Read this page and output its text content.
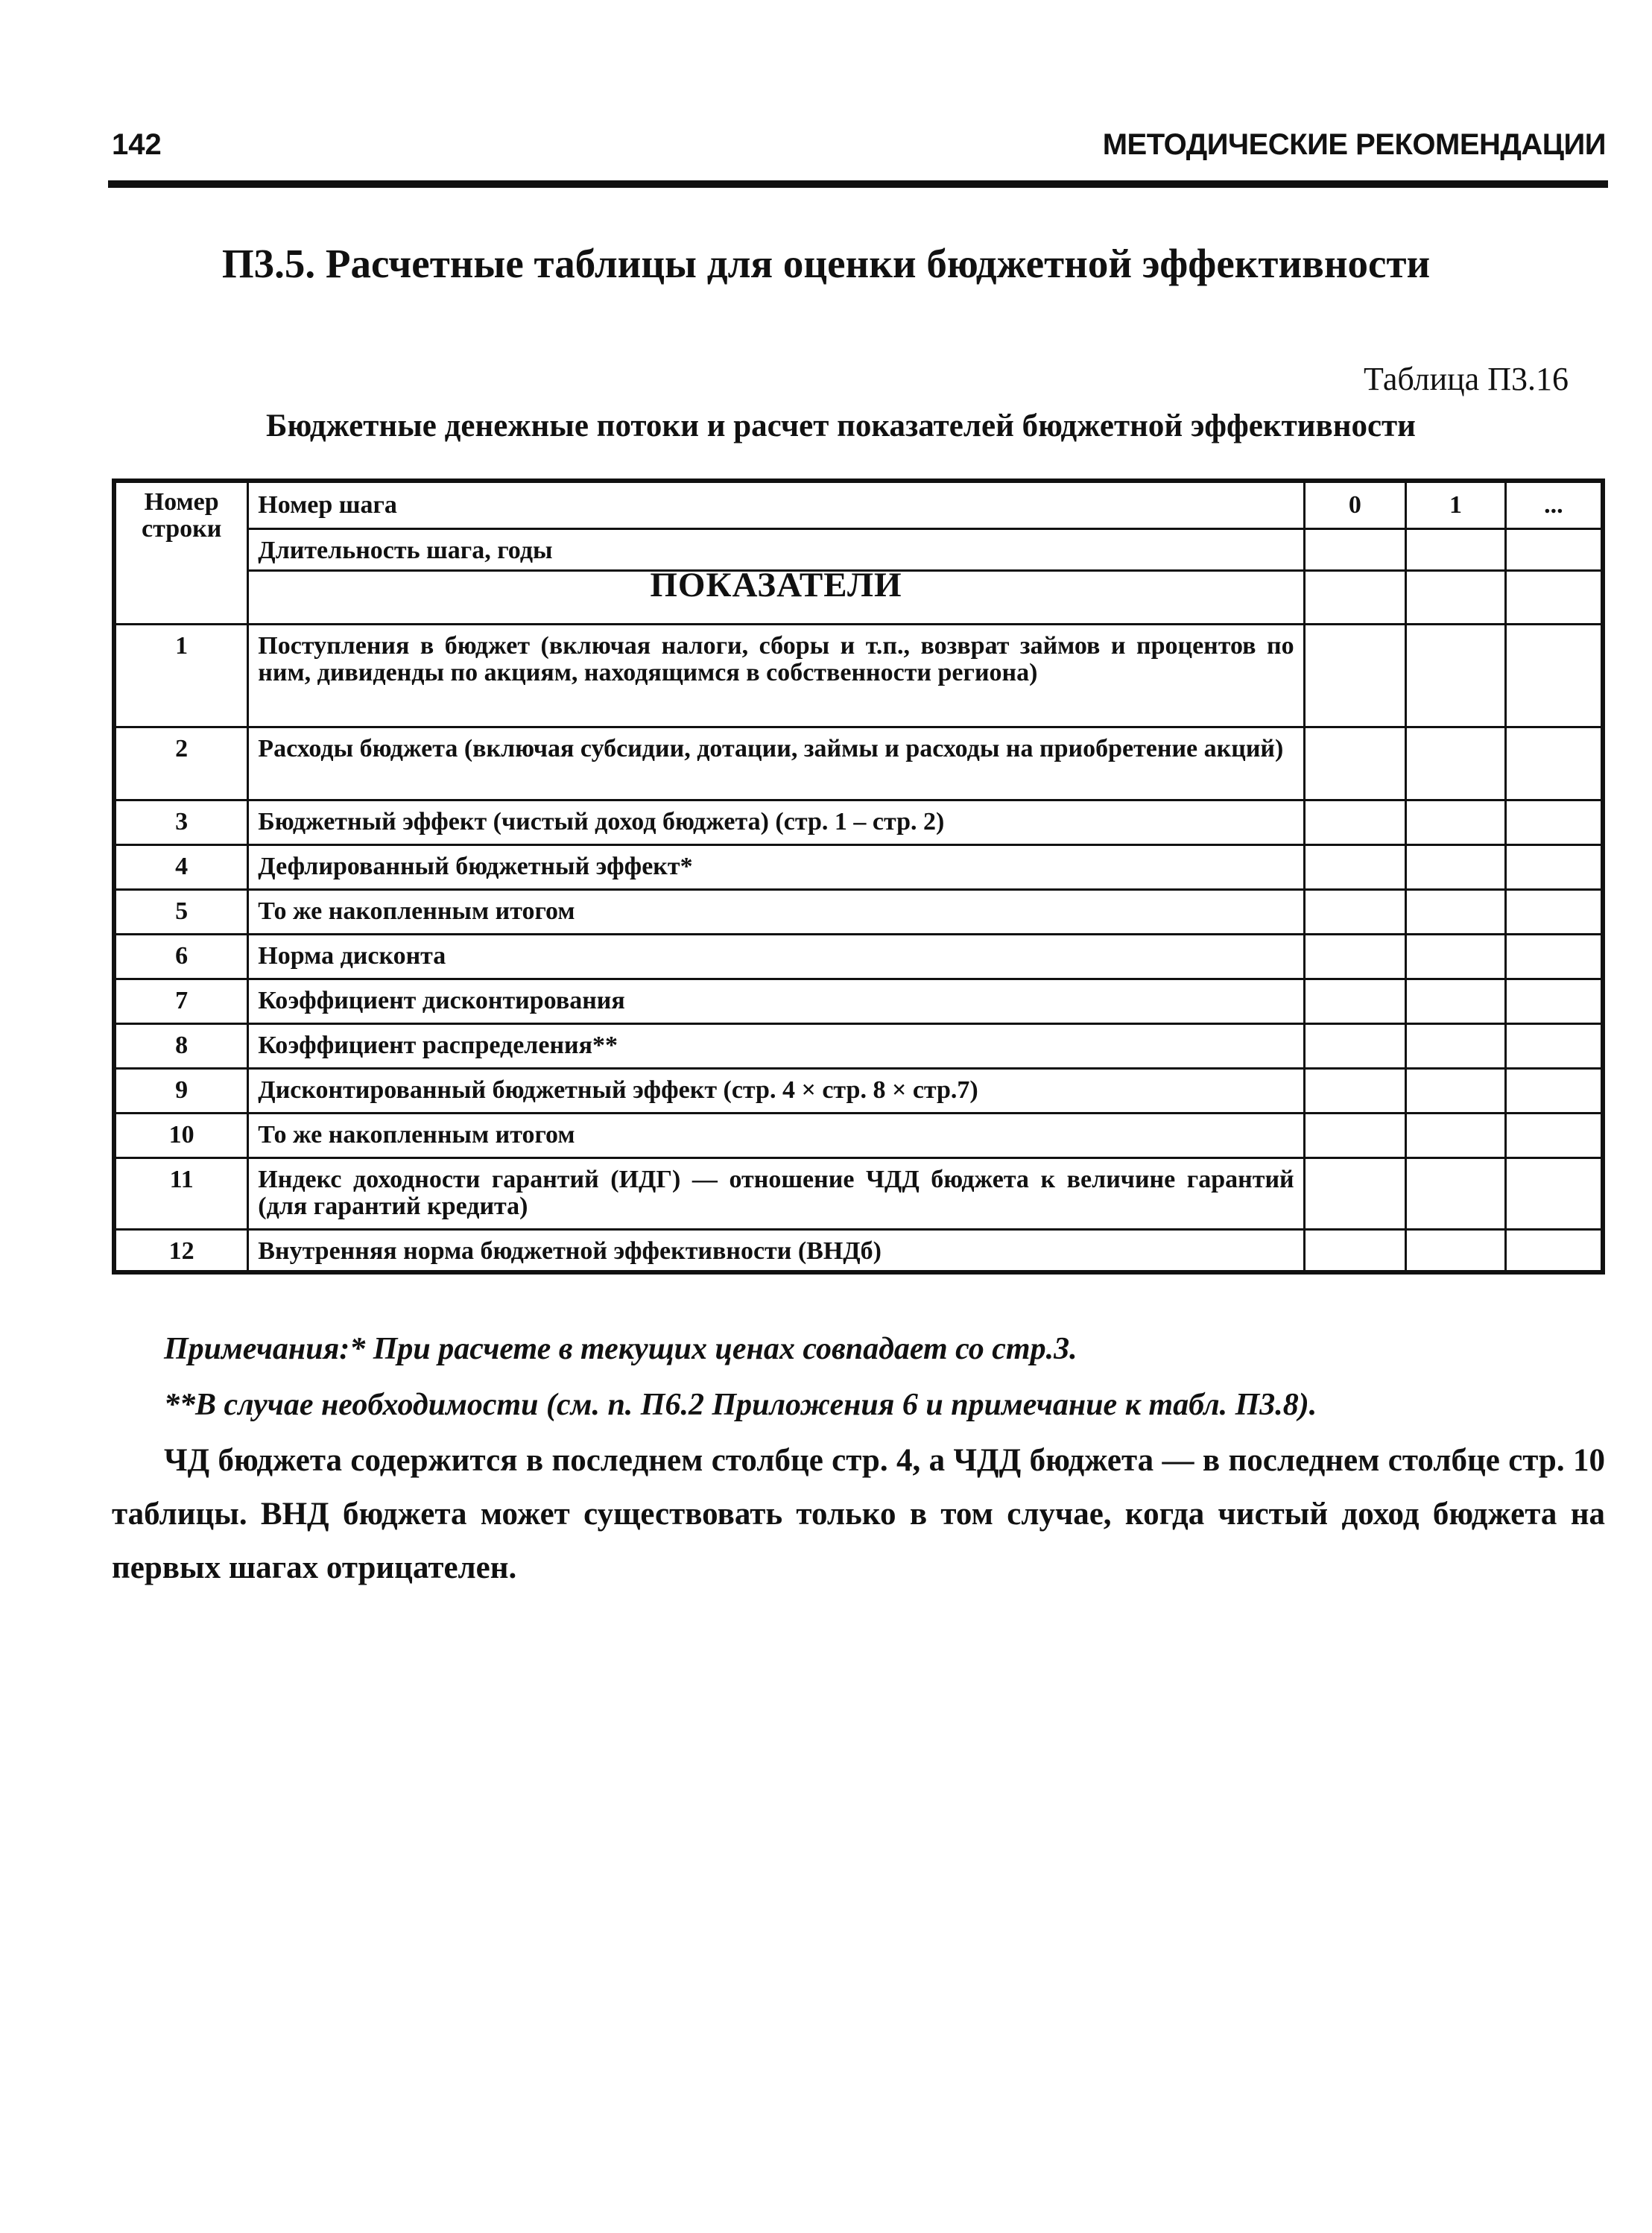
142	МЕТОДИЧЕСКИЕ РЕКОМЕНДАЦИИ
П3.5. Расчетные таблицы для оценки бюджетной эффективности
Таблица П3.16
Бюджетные денежные потоки и расчет показателей бюджетной эффективности
Номер строки	Номер шага	0	1	...
	Длительность шага, годы			
	ПОКАЗАТЕЛИ			
1	Поступления в бюджет (включая налоги, сборы и т.п., возврат займов и процентов по ним, дивиденды по акциям, находящимся в собственности региона)			
2	Расходы бюджета (включая субсидии, дотации, займы и расходы на приобретение акций)			
3	Бюджетный эффект (чистый доход бюджета) (стр. 1 – стр. 2)			
4	Дефлированный бюджетный эффект*			
5	То же накопленным итогом			
6	Норма дисконта			
7	Коэффициент дисконтирования			
8	Коэффициент распределения**			
9	Дисконтированный бюджетный эффект (стр. 4 × стр. 8 × стр.7)			
10	То же накопленным итогом			
11	Индекс доходности гарантий (ИДГ) — отношение ЧДД бюджета к величине гарантий (для гарантий кредита)			
12	Внутренняя норма бюджетной эффективности (ВНДб)			
Примечания:* При расчете в текущих ценах совпадает со стр.3.
**В случае необходимости (см. п. П6.2 Приложения 6 и примечание к табл. П3.8).
ЧД бюджета содержится в последнем столбце стр. 4, а ЧДД бюджета — в последнем столбце стр. 10 таблицы. ВНД бюджета может существовать только в том случае, когда чистый доход бюджета на первых шагах отрицателен.
